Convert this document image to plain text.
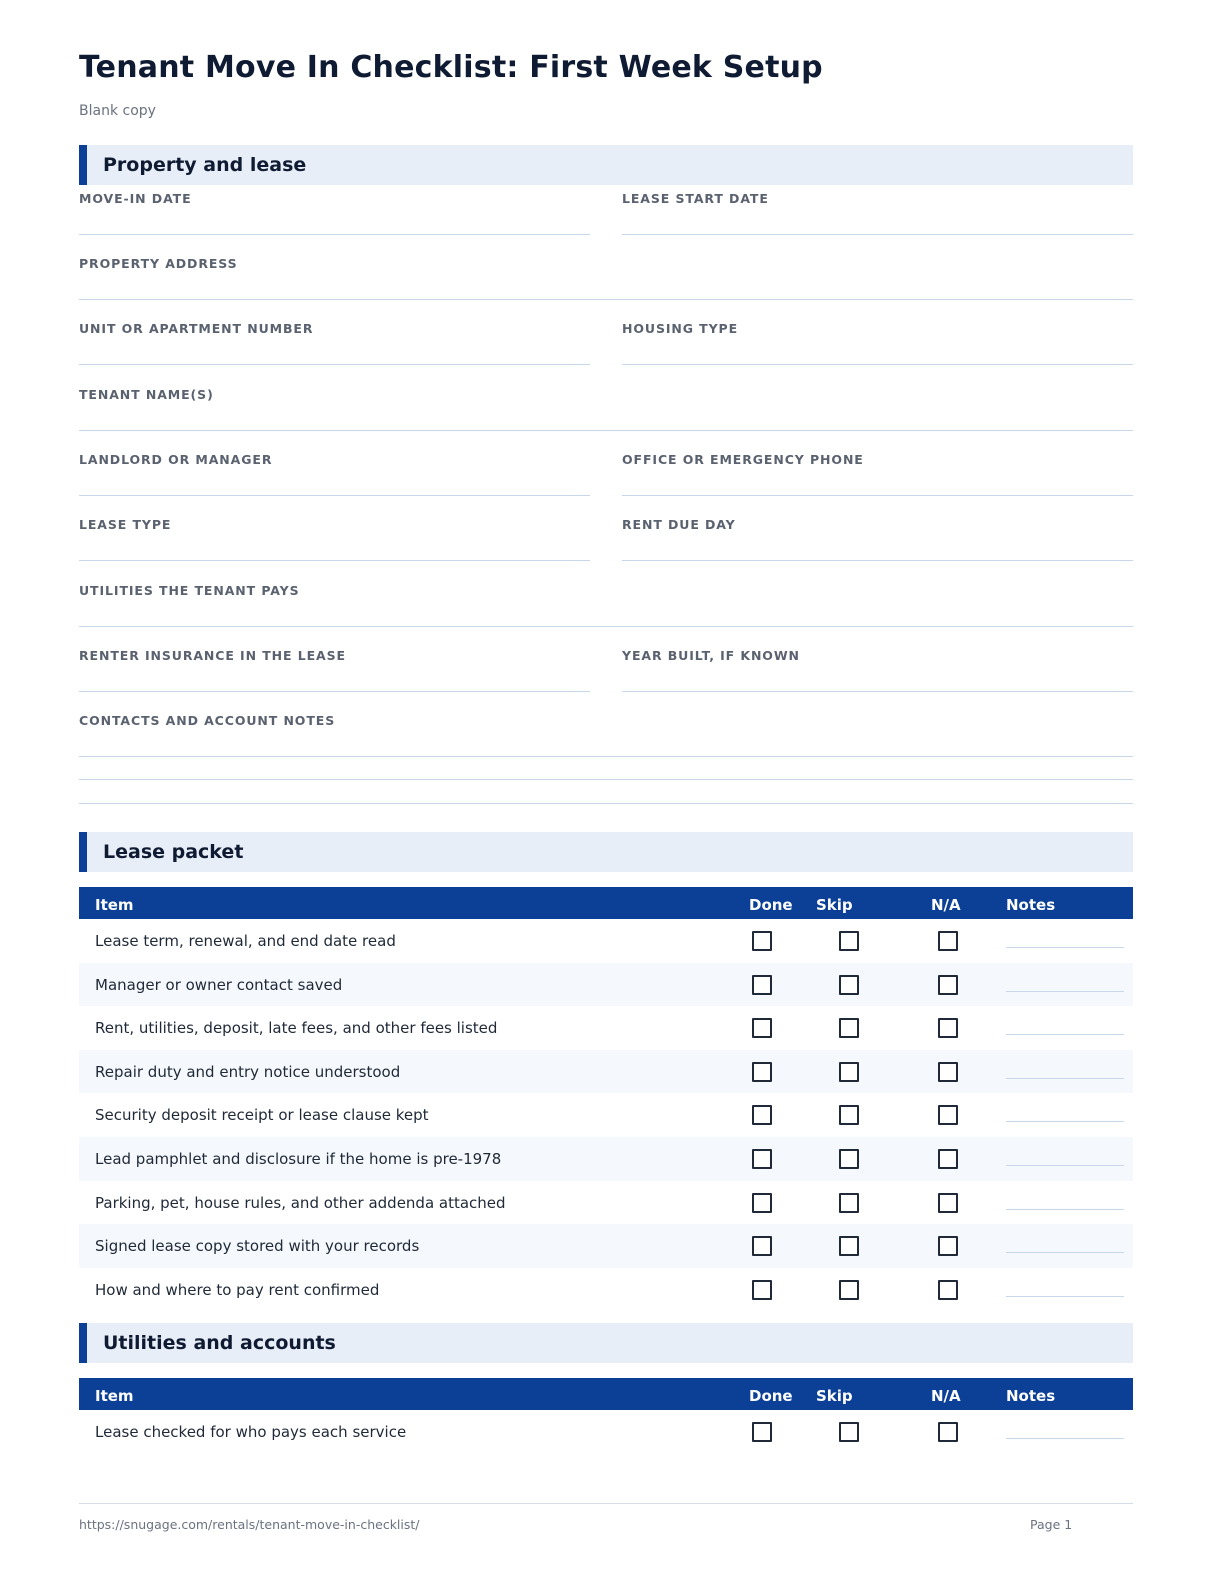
Tenant Move In Checklist: First Week Setup
Blank copy
Property and lease
MOVE-IN DATE	LEASE START DATE
PROPERTY ADDRESS
UNIT OR APARTMENT NUMBER	HOUSING TYPE
TENANT NAME(S)
LANDLORD OR MANAGER	OFFICE OR EMERGENCY PHONE
LEASE TYPE	RENT DUE DAY
UTILITIES THE TENANT PAYS
RENTER INSURANCE IN THE LEASE	YEAR BUILT, IF KNOWN
CONTACTS AND ACCOUNT NOTES
Lease packet
Item	Done Skip	N/A	Notes
Lease term, renewal, and end date read
Manager or owner contact saved
Rent, utilities, deposit, late fees, and other fees listed
Repair duty and entry notice understood
Security deposit receipt or lease clause kept
Lead pamphlet and disclosure if the home is pre-1978
Parking, pet, house rules, and other addenda attached
Signed lease copy stored with your records
How and where to pay rent confirmed
Utilities and accounts
Item	Done Skip	N/A	Notes
Lease checked for who pays each service
https://snugage.com/rentals/tenant-move-in-checklist/	Page 1
